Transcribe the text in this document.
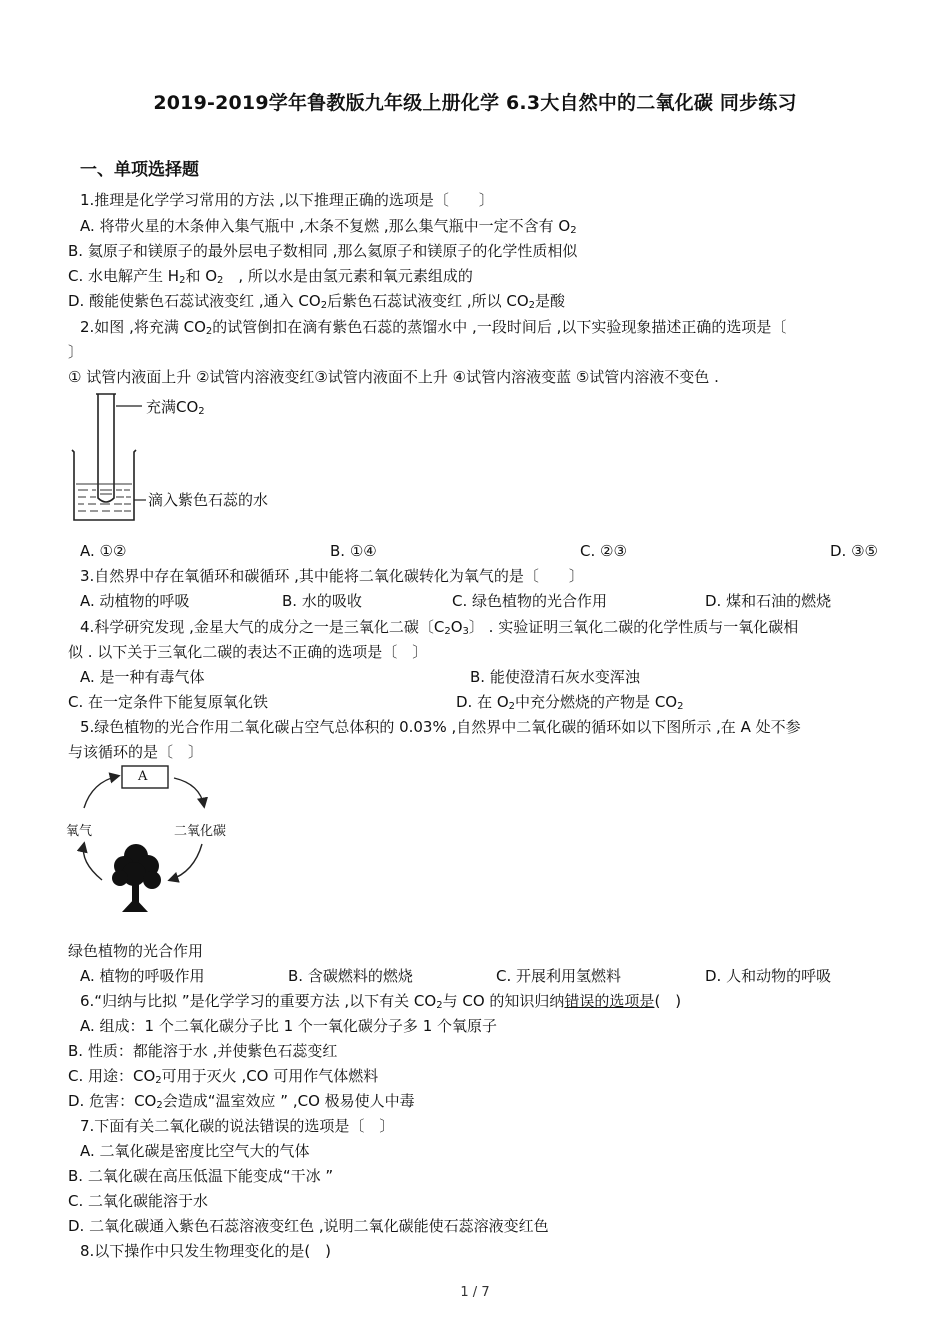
2019-2019学年鲁教版九年级上册化学 6.3大自然中的二氧化碳 同步练习
一、单项选择题
1.推理是化学学习常用的方法 ,以下推理正确的选项是〔　　〕
A. 将带火星的木条伸入集气瓶中 ,木条不复燃 ,那么集气瓶中一定不含有 $O_2$
B. 氦原子和镁原子的最外层电子数相同 ,那么氦原子和镁原子的化学性质相似
C. 水电解产生 $H_2$和 $O_2$　, 所以水是由氢元素和氧元素组成的
D. 酸能使紫色石蕊试液变红 ,通入 $CO_2$后紫色石蕊试液变红 ,所以 $CO_2$是酸
2.如图 ,将充满 $CO_2$的试管倒扣在滴有紫色石蕊的蒸馏水中 ,一段时间后 ,以下实验现象描述正确的选项是〔
〕
① 试管内液面上升 ②试管内溶液变红③试管内液面不上升 ④试管内溶液变蓝 ⑤试管内溶液不变色 .
充满$CO_2$
滴入紫色石蕊的水
A. ①②	B. ①④	C. ②③	D. ③⑤
3.自然界中存在氧循环和碳循环 ,其中能将二氧化碳转化为氧气的是〔　　〕
A. 动植物的呼吸	B. 水的吸收	C. 绿色植物的光合作用	D. 煤和石油的燃烧
4.科学研究发现 ,金星大气的成分之一是三氧化二碳〔$C_2O_3$〕 . 实验证明三氧化二碳的化学性质与一氧化碳相
似 . 以下关于三氧化二碳的表达不正确的选项是〔　〕
A. 是一种有毒气体	B. 能使澄清石灰水变浑浊
C. 在一定条件下能复原氧化铁	D. 在 $O_2$中充分燃烧的产物是 $CO_2$
5.绿色植物的光合作用二氧化碳占空气总体积的 0.03% ,自然界中二氧化碳的循环如以下图所示 ,在 A 处不参
与该循环的是〔　〕
A
氧气	二氧化碳
绿色植物的光合作用
A. 植物的呼吸作用	B. 含碳燃料的燃烧	C. 开展利用氢燃料	D. 人和动物的呼吸
6.“归纳与比拟 ”是化学学习的重要方法 ,以下有关 $CO_2$与 CO 的知识归纳错误的选项是(　)
A. 组成：1 个二氧化碳分子比 1 个一氧化碳分子多 1 个氧原子
B. 性质：都能溶于水 ,并使紫色石蕊变红
C. 用途：$CO_2$可用于灭火 ,CO 可用作气体燃料
D. 危害：$CO_2$会造成“温室效应 ” ,CO 极易使人中毒
7.下面有关二氧化碳的说法错误的选项是〔　〕
A. 二氧化碳是密度比空气大的气体
B. 二氧化碳在高压低温下能变成“干冰 ”
C. 二氧化碳能溶于水
D. 二氧化碳通入紫色石蕊溶液变红色 ,说明二氧化碳能使石蕊溶液变红色
8.以下操作中只发生物理变化的是(　)
1 / 7
